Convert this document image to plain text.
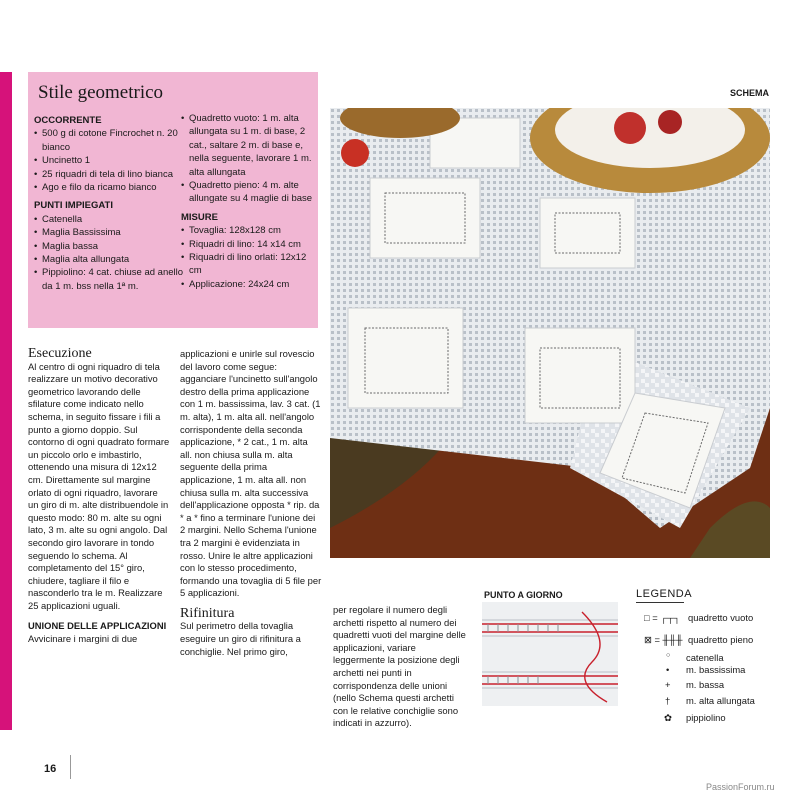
Stile geometrico

OCCORRENTE

• 500 g di cotone Fincrochet n. 20 bianco
• Uncinetto 1
• 25 riquadri di tela di lino bianca
• Ago e filo da ricamo bianco

PUNTI IMPIEGATI

• Catenella
• Maglia Bassissima
• Maglia bassa
• Maglia alta allungata
• Pippiolino: 4 cat. chiuse ad anello da 1 m. bss nella 1ª m.
• Quadretto vuoto: 1 m. alta allungata su 1 m. di base, 2 cat., saltare 2 m. di base e, nella seguente, lavorare 1 m. alta allungata
• Quadretto pieno: 4 m. alte allungate su 4 maglie di base

MISURE

• Tovaglia: 128x128 cm
• Riquadri di lino: 14 x14 cm
• Riquadri di lino orlati: 12x12 cm
• Applicazione: 24x24 cm
SCHEMA

Esecuzione

Al centro di ogni riquadro di tela realizzare un motivo decorativo geometrico lavorando delle sfilature come indicato nello schema, in seguito fissare i fili a punto a giorno doppio. Sul contorno di ogni quadrato formare un piccolo orlo e imbastirlo, ottenendo una misura di 12x12 cm. Direttamente sul margine orlato di ogni riquadro, lavorare un giro di m. alte distribuendole in questo modo: 80 m. alte su ogni lato, 3 m. alte su ogni angolo. Dal secondo giro lavorare in tondo seguendo lo schema. Al completamento del 15° giro, chiudere, tagliare il filo e nasconderlo tra le m. Realizzare 25 applicazioni uguali.
UNIONE DELLE APPLICAZIONI
Avvicinare i margini di due
applicazioni e unirle sul rovescio del lavoro come segue: agganciare l'uncinetto sull'angolo destro della prima applicazione con 1 m. bassissima, lav. 3 cat. (1 m. alta), 1 m. alta all. nell'angolo corrispondente della seconda applicazione, * 2 cat., 1 m. alta all. non chiusa sulla m. alta seguente della prima applicazione, 1 m. alta all. non chiusa sulla m. alta successiva dell'applicazione opposta * rip. da * a * fino a terminare l'unione dei 2 margini. Nello Schema l'unione tra 2 margini è evidenziata in rosso. Unire le altre applicazioni con lo stesso procedimento, formando una tovaglia di 5 file per 5 applicazioni.

Rifinitura

Sul perimetro della tovaglia eseguire un giro di rifinitura a conchiglie. Nel primo giro,
per regolare il numero degli archetti rispetto al numero dei quadretti vuoti del margine delle applicazioni, variare leggermente la posizione degli archetti nei punti in corrispondenza delle unioni (nello Schema questi archetti con le relative conchiglie sono indicati in azzurro).
PUNTO A GIORNO	LEGENDA
□ = ┌┬┐ quadretto vuoto
⊠ = ╫╫╫ quadretto pieno
○ catenella
• m. bassissima
+ m. bassa
† m. alta allungata
✿ pippiolino
16
PassionForum.ru
